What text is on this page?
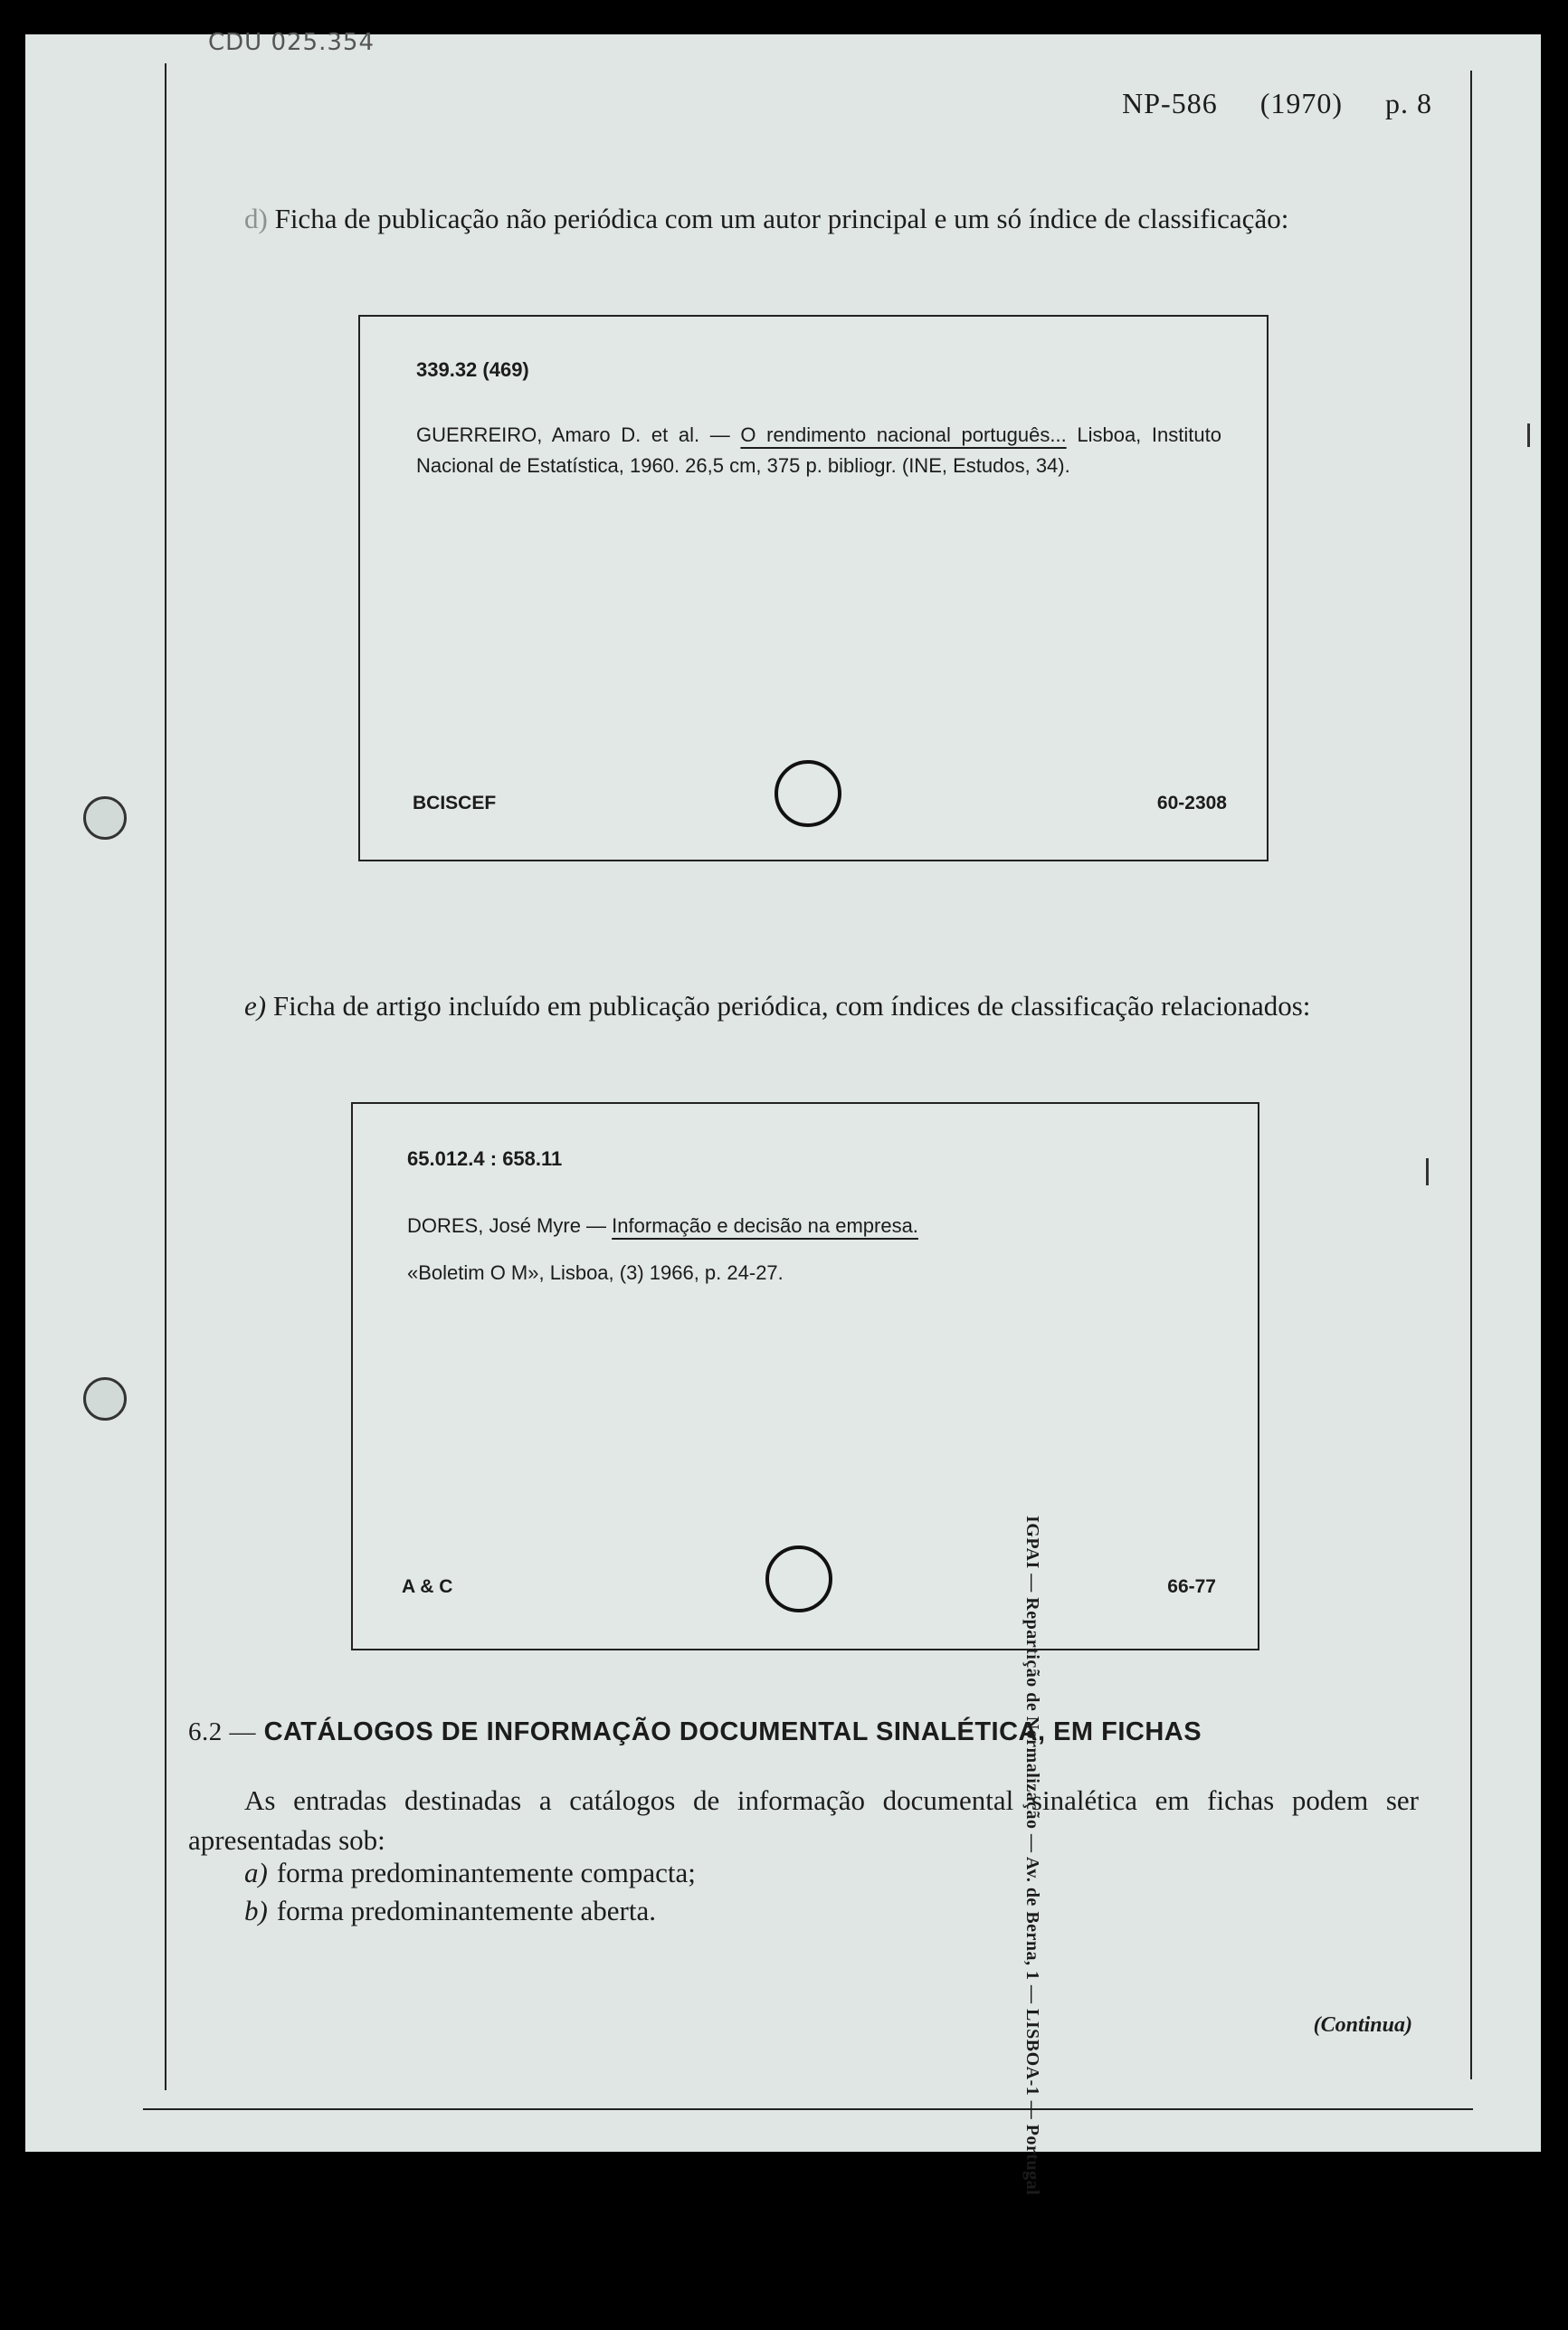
CDU 025.354
NP-586 (1970) p. 8
d) Ficha de publicação não periódica com um autor principal e um só índice de classificação:
339.32 (469)
GUERREIRO, Amaro D. et al. — O rendimento nacional português... Lisboa, Instituto Nacional de Estatística, 1960. 26,5 cm, 375 p. bibliogr. (INE, Estudos, 34).
BCISCEF	60-2308
e) Ficha de artigo incluído em publicação periódica, com índices de classificação relacionados:
65.012.4 : 658.11
DORES, José Myre — Informação e decisão na empresa.
«Boletim O M», Lisboa, (3) 1966, p. 24-27.
A & C	66-77
6.2 — CATÁLOGOS DE INFORMAÇÃO DOCUMENTAL SINALÉTICA, EM FICHAS
As entradas destinadas a catálogos de informação documental sinalética em fichas podem ser apresentadas sob:
a) forma predominantemente compacta;
b) forma predominantemente aberta.
(Continua)
IGPAI — Repartição de Normalização — Av. de Berna, 1 — LISBOA-1 — Portugal
